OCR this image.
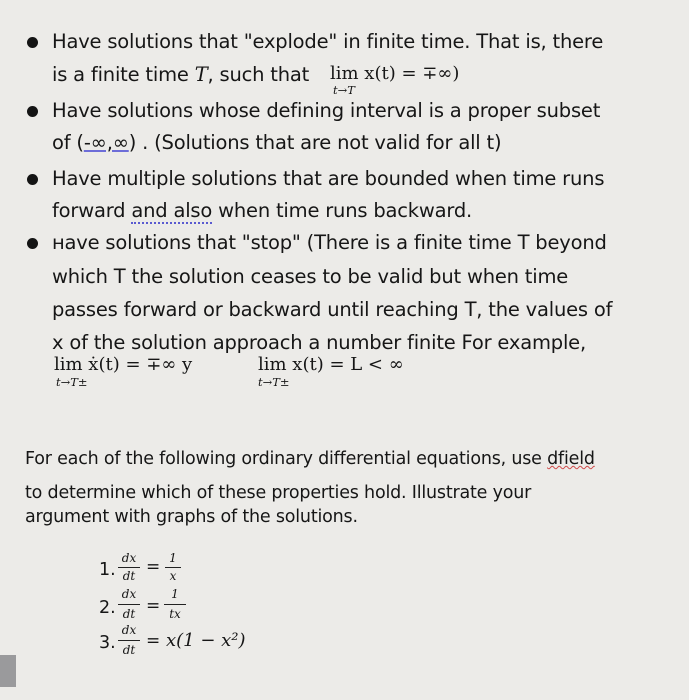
Have solutions that "explode" in finite time. That is, there
is a finite time T, such that lim x(t) = ∓∞)
t→T
Have solutions whose defining interval is a proper subset
of (-∞,∞) . (Solutions that are not valid for all t)
Have multiple solutions that are bounded when time runs
forward and also when time runs backward.
ʜave solutions that "stop" (There is a finite time T beyond
which T the solution ceases to be valid but when time
passes forward or backward until reaching T, the values of
x of the solution approach a number finite For example,
lim ẋ(t) = ∓∞ y
t→T±
lim x(t) = L < ∞
t→T±
For each of the following ordinary differential equations, use dfield
to determine which of these properties hold. Illustrate your
argument with graphs of the solutions.
1.
dx
dt = 1
x
2.
dx
dt =
1
tx
3.
dx
dt = x(1 − x²)
